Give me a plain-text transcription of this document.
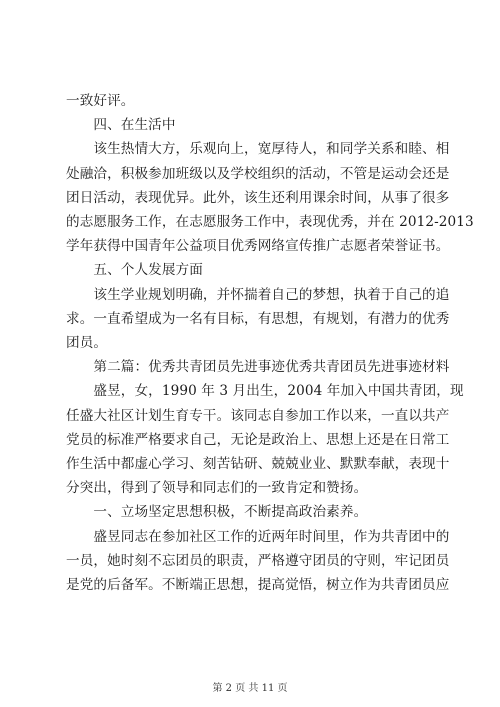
一致好评。
　　四、在生活中
　　该生热情大方，乐观向上，宽厚待人，和同学关系和睦、相
处融洽，积极参加班级以及学校组织的活动，不管是运动会还是
团日活动，表现优异。此外，该生还利用课余时间，从事了很多
的志愿服务工作，在志愿服务工作中，表现优秀，并在 2012-2013
学年获得中国青年公益项目优秀网络宣传推广志愿者荣誉证书。
　　五、个人发展方面
　　该生学业规划明确，并怀揣着自己的梦想，执着于自己的追
求。一直希望成为一名有目标，有思想，有规划，有潜力的优秀
团员。
　　第二篇：优秀共青团员先进事迹优秀共青团员先进事迹材料
　　盛昱，女，1990 年 3 月出生，2004 年加入中国共青团，现
任盛大社区计划生育专干。该同志自参加工作以来，一直以共产
党员的标准严格要求自己，无论是政治上、思想上还是在日常工
作生活中都虚心学习、刻苦钻研、兢兢业业、默默奉献，表现十
分突出，得到了领导和同志们的一致肯定和赞扬。
　　一、立场坚定思想积极，不断提高政治素养。
　　盛昱同志在参加社区工作的近两年时间里，作为共青团中的
一员，她时刻不忘团员的职责，严格遵守团员的守则，牢记团员
是党的后备军。不断端正思想，提高觉悟，树立作为共青团员应
第 2 页 共 11 页
